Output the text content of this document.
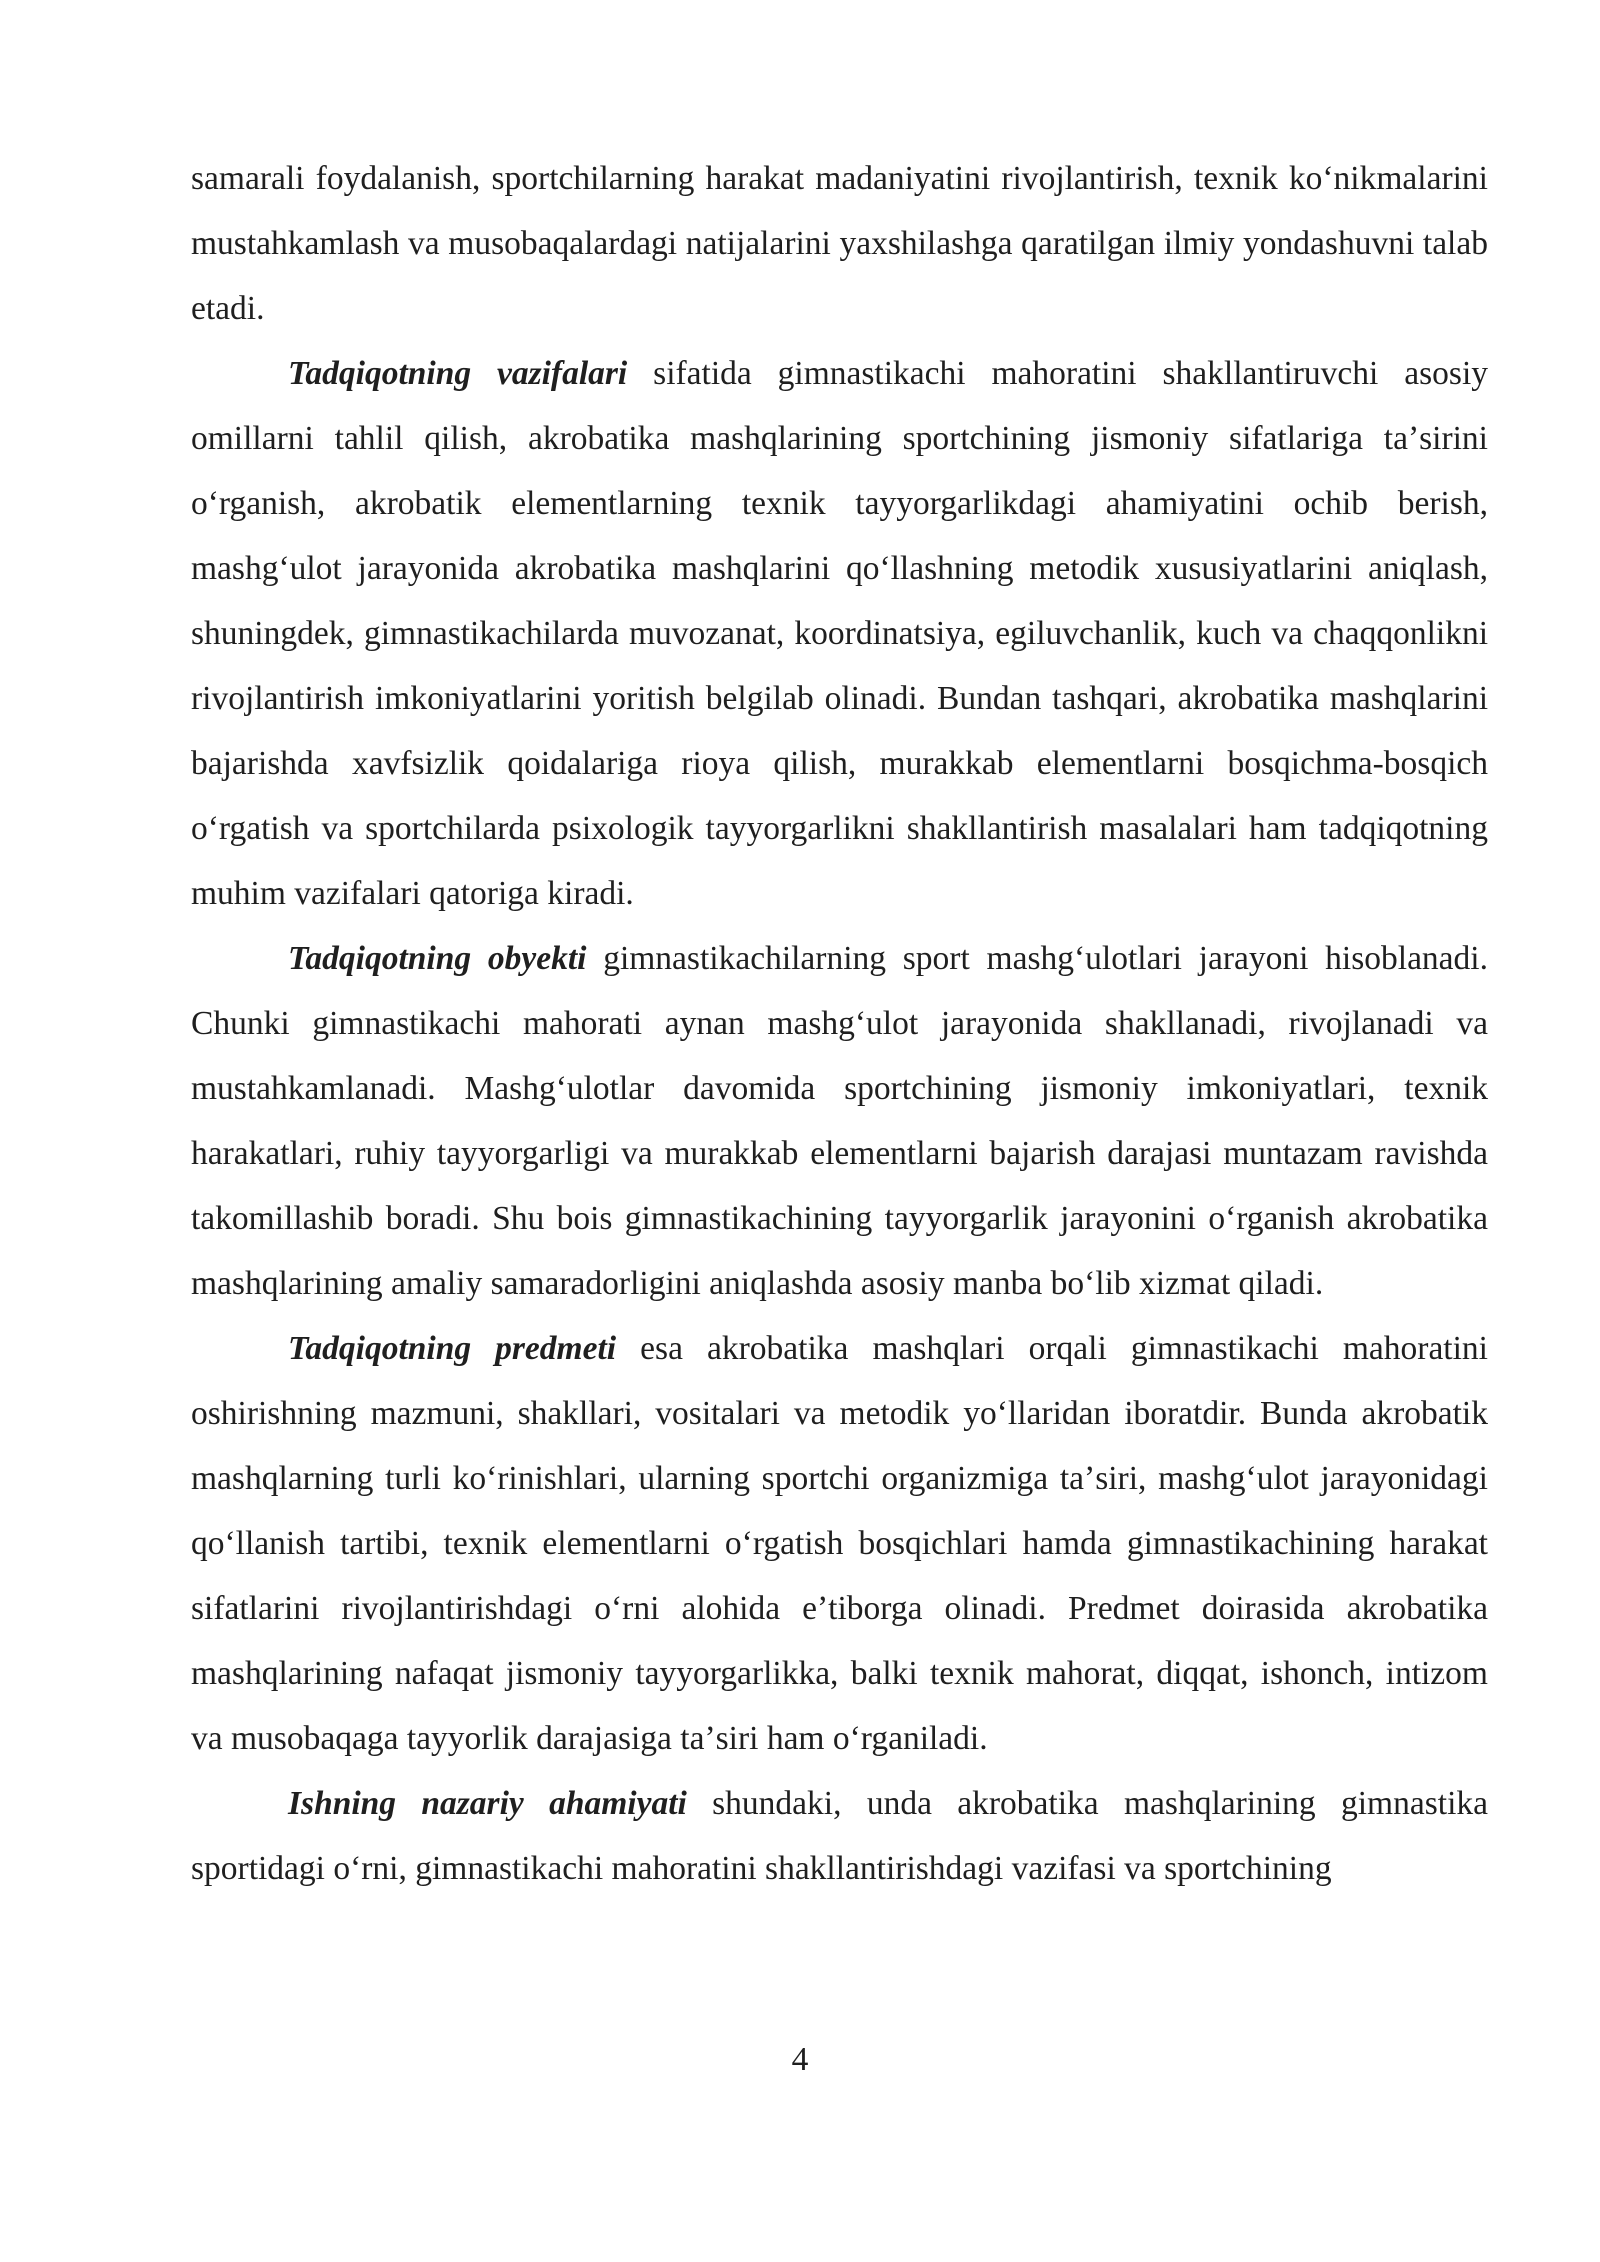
samarali foydalanish, sportchilarning harakat madaniyatini rivojlantirish, texnik koʻnikmalarini mustahkamlash va musobaqalardagi natijalarini yaxshilashga qaratilgan ilmiy yondashuvni talab etadi.

Tadqiqotning vazifalari sifatida gimnastikachi mahoratini shakllantiruvchi asosiy omillarni tahlil qilish, akrobatika mashqlarining sportchining jismoniy sifatlariga taʼsirini oʻrganish, akrobatik elementlarning texnik tayyorgarlikdagi ahamiyatini ochib berish, mashgʻulot jarayonida akrobatika mashqlarini qoʻllashning metodik xususiyatlarini aniqlash, shuningdek, gimnastikachilarda muvozanat, koordinatsiya, egiluvchanlik, kuch va chaqqonlikni rivojlantirish imkoniyatlarini yoritish belgilab olinadi. Bundan tashqari, akrobatika mashqlarini bajarishda xavfsizlik qoidalariga rioya qilish, murakkab elementlarni bosqichma-bosqich oʻrgatish va sportchilarda psixologik tayyorgarlikni shakllantirish masalalari ham tadqiqotning muhim vazifalari qatoriga kiradi.

Tadqiqotning obyekti gimnastikachilarning sport mashgʻulotlari jarayoni hisoblanadi. Chunki gimnastikachi mahorati aynan mashgʻulot jarayonida shakllanadi, rivojlanadi va mustahkamlanadi. Mashgʻulotlar davomida sportchining jismoniy imkoniyatlari, texnik harakatlari, ruhiy tayyorgarligi va murakkab elementlarni bajarish darajasi muntazam ravishda takomillashib boradi. Shu bois gimnastikachining tayyorgarlik jarayonini oʻrganish akrobatika mashqlarining amaliy samaradorligini aniqlashda asosiy manba boʻlib xizmat qiladi.

Tadqiqotning predmeti esa akrobatika mashqlari orqali gimnastikachi mahoratini oshirishning mazmuni, shakllari, vositalari va metodik yoʻllaridan iboratdir. Bunda akrobatik mashqlarning turli koʻrinishlari, ularning sportchi organizmiga taʼsiri, mashgʻulot jarayonidagi qoʻllanish tartibi, texnik elementlarni oʻrgatish bosqichlari hamda gimnastikachining harakat sifatlarini rivojlantirishdagi oʻrni alohida eʼtiborga olinadi. Predmet doirasida akrobatika mashqlarining nafaqat jismoniy tayyorgarlikka, balki texnik mahorat, diqqat, ishonch, intizom va musobaqaga tayyorlik darajasiga taʼsiri ham oʻrganiladi.

Ishning nazariy ahamiyati shundaki, unda akrobatika mashqlarining gimnastika sportidagi oʻrni, gimnastikachi mahoratini shakllantirishdagi vazifasi va sportchining

4
